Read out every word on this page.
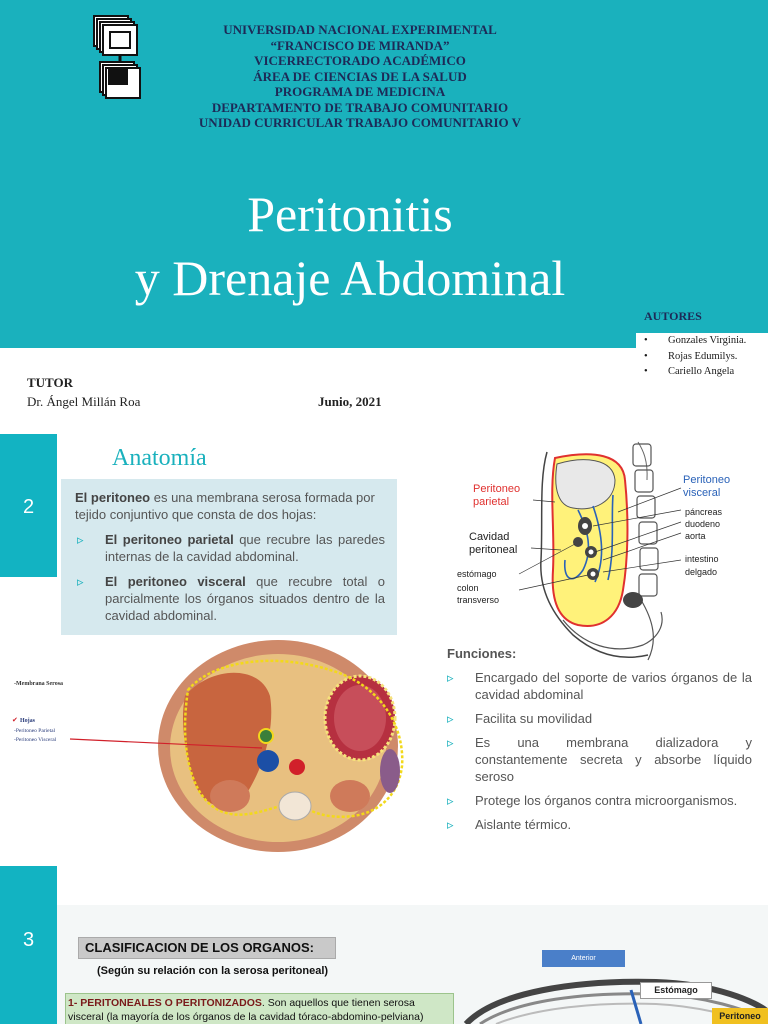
UNIVERSIDAD NACIONAL EXPERIMENTAL
“FRANCISCO DE MIRANDA”
VICERRECTORADO ACADÉMICO
ÁREA DE CIENCIAS DE LA SALUD
PROGRAMA DE MEDICINA
DEPARTAMENTO DE TRABAJO COMUNITARIO
UNIDAD CURRICULAR TRABAJO COMUNITARIO V
Peritonitis
y Drenaje Abdominal
AUTORES
• Gonzales Virginia.
• Rojas Edumilys.
• Cariello Angela
TUTOR
Dr. Ángel Millán Roa	Junio, 2021
2
Anatomía
El peritoneo es una membrana serosa formada por tejido conjuntivo que consta de dos hojas:
▹ El peritoneo parietal que recubre las paredes internas de la cavidad abdominal.
▹ El peritoneo visceral que recubre total o parcialmente los órganos situados dentro de la cavidad abdominal.
Peritoneo parietal
Peritoneo visceral
Cavidad peritoneal
estómago
colon transverso
páncreas
duodeno
aorta
intestino delgado
-Membrana Serosa
✔ Hojas
-Peritoneo Parietal
-Peritoneo Visceral
Funciones:
▹ Encargado del soporte de varios órganos de la cavidad abdominal
▹ Facilita su movilidad
▹ Es una membrana dializadora y constantemente secreta y absorbe líquido seroso
▹ Protege los órganos contra microorganismos.
▹ Aislante térmico.
3	CLASIFICACION DE LOS ORGANOS:
(Según su relación con la serosa peritoneal)
1- PERITONEALES O PERITONIZADOS. Son aquellos que tienen serosa visceral (la mayoría de los órganos de la cavidad tóraco-abdomino-pelviana)
Anterior
Estómago
Peritoneo
